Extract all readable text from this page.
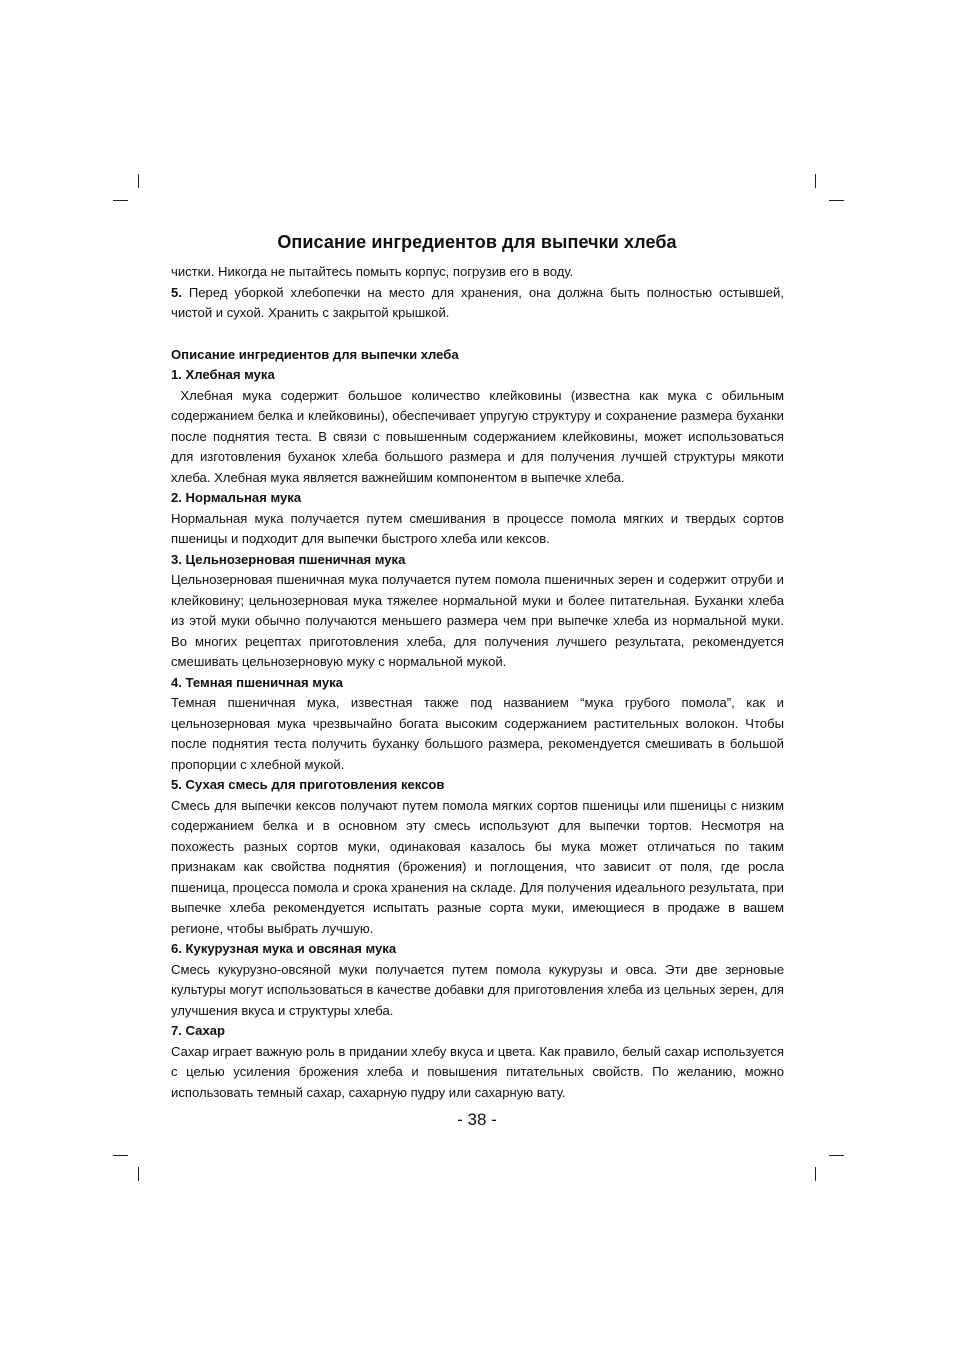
Описание ингредиентов для выпечки хлеба

чистки. Никогда не пытайтесь помыть корпус, погрузив его в воду.

5. Перед уборкой хлебопечки на место для хранения, она должна быть полностью остывшей, чистой и сухой. Хранить с закрытой крышкой.

Описание ингредиентов для выпечки хлеба

1. Хлебная мука

Хлебная мука содержит большое количество клейковины (известна как мука с обильным содержанием белка и клейковины), обеспечивает упругую структуру и сохранение размера буханки после поднятия теста. В связи с повышенным содержанием клейковины, может использоваться для изготовления буханок хлеба большого размера и для получения лучшей структуры мякоти хлеба. Хлебная мука является важнейшим компонентом в выпечке хлеба.

2. Нормальная мука

Нормальная мука получается путем смешивания в процессе помола мягких и твердых сортов пшеницы и подходит для выпечки быстрого хлеба или кексов.

3. Цельнозерновая пшеничная мука

Цельнозерновая пшеничная мука получается путем помола пшеничных зерен и содержит отруби и клейковину; цельнозерновая мука тяжелее нормальной муки и более питательная. Буханки хлеба из этой муки обычно получаются меньшего размера чем при выпечке хлеба из нормальной муки. Во многих рецептах приготовления хлеба, для получения лучшего результата, рекомендуется смешивать цельнозерновую муку с нормальной мукой.

4. Темная пшеничная мука

Темная пшеничная мука, известная также под названием “мука грубого помола”, как и цельнозерновая мука чрезвычайно богата высоким содержанием растительных волокон. Чтобы после поднятия теста получить буханку большого размера, рекомендуется смешивать в большой пропорции с хлебной мукой.

5. Сухая смесь для приготовления кексов

Смесь для выпечки кексов получают путем помола мягких сортов пшеницы или пшеницы с низким содержанием белка и в основном эту смесь используют для выпечки тортов. Несмотря на похожесть разных сортов муки, одинаковая казалось бы мука может отличаться по таким признакам как свойства поднятия (брожения) и поглощения, что зависит от поля, где росла пшеница, процесса помола и срока хранения на складе. Для получения идеального результата, при выпечке хлеба рекомендуется испытать разные сорта муки, имеющиеся в продаже в вашем регионе, чтобы выбрать лучшую.

6. Кукурузная мука и овсяная мука

Смесь кукурузно-овсяной муки получается путем помола кукурузы и овса. Эти две зерновые культуры могут использоваться в качестве добавки для приготовления хлеба из цельных зерен, для улучшения вкуса и структуры хлеба.

7. Сахар

Сахар играет важную роль в придании хлебу вкуса и цвета. Как правило, белый сахар используется с целью усиления брожения хлеба и повышения питательных свойств. По желанию, можно использовать темный сахар, сахарную пудру или сахарную вату.

- 38 -
